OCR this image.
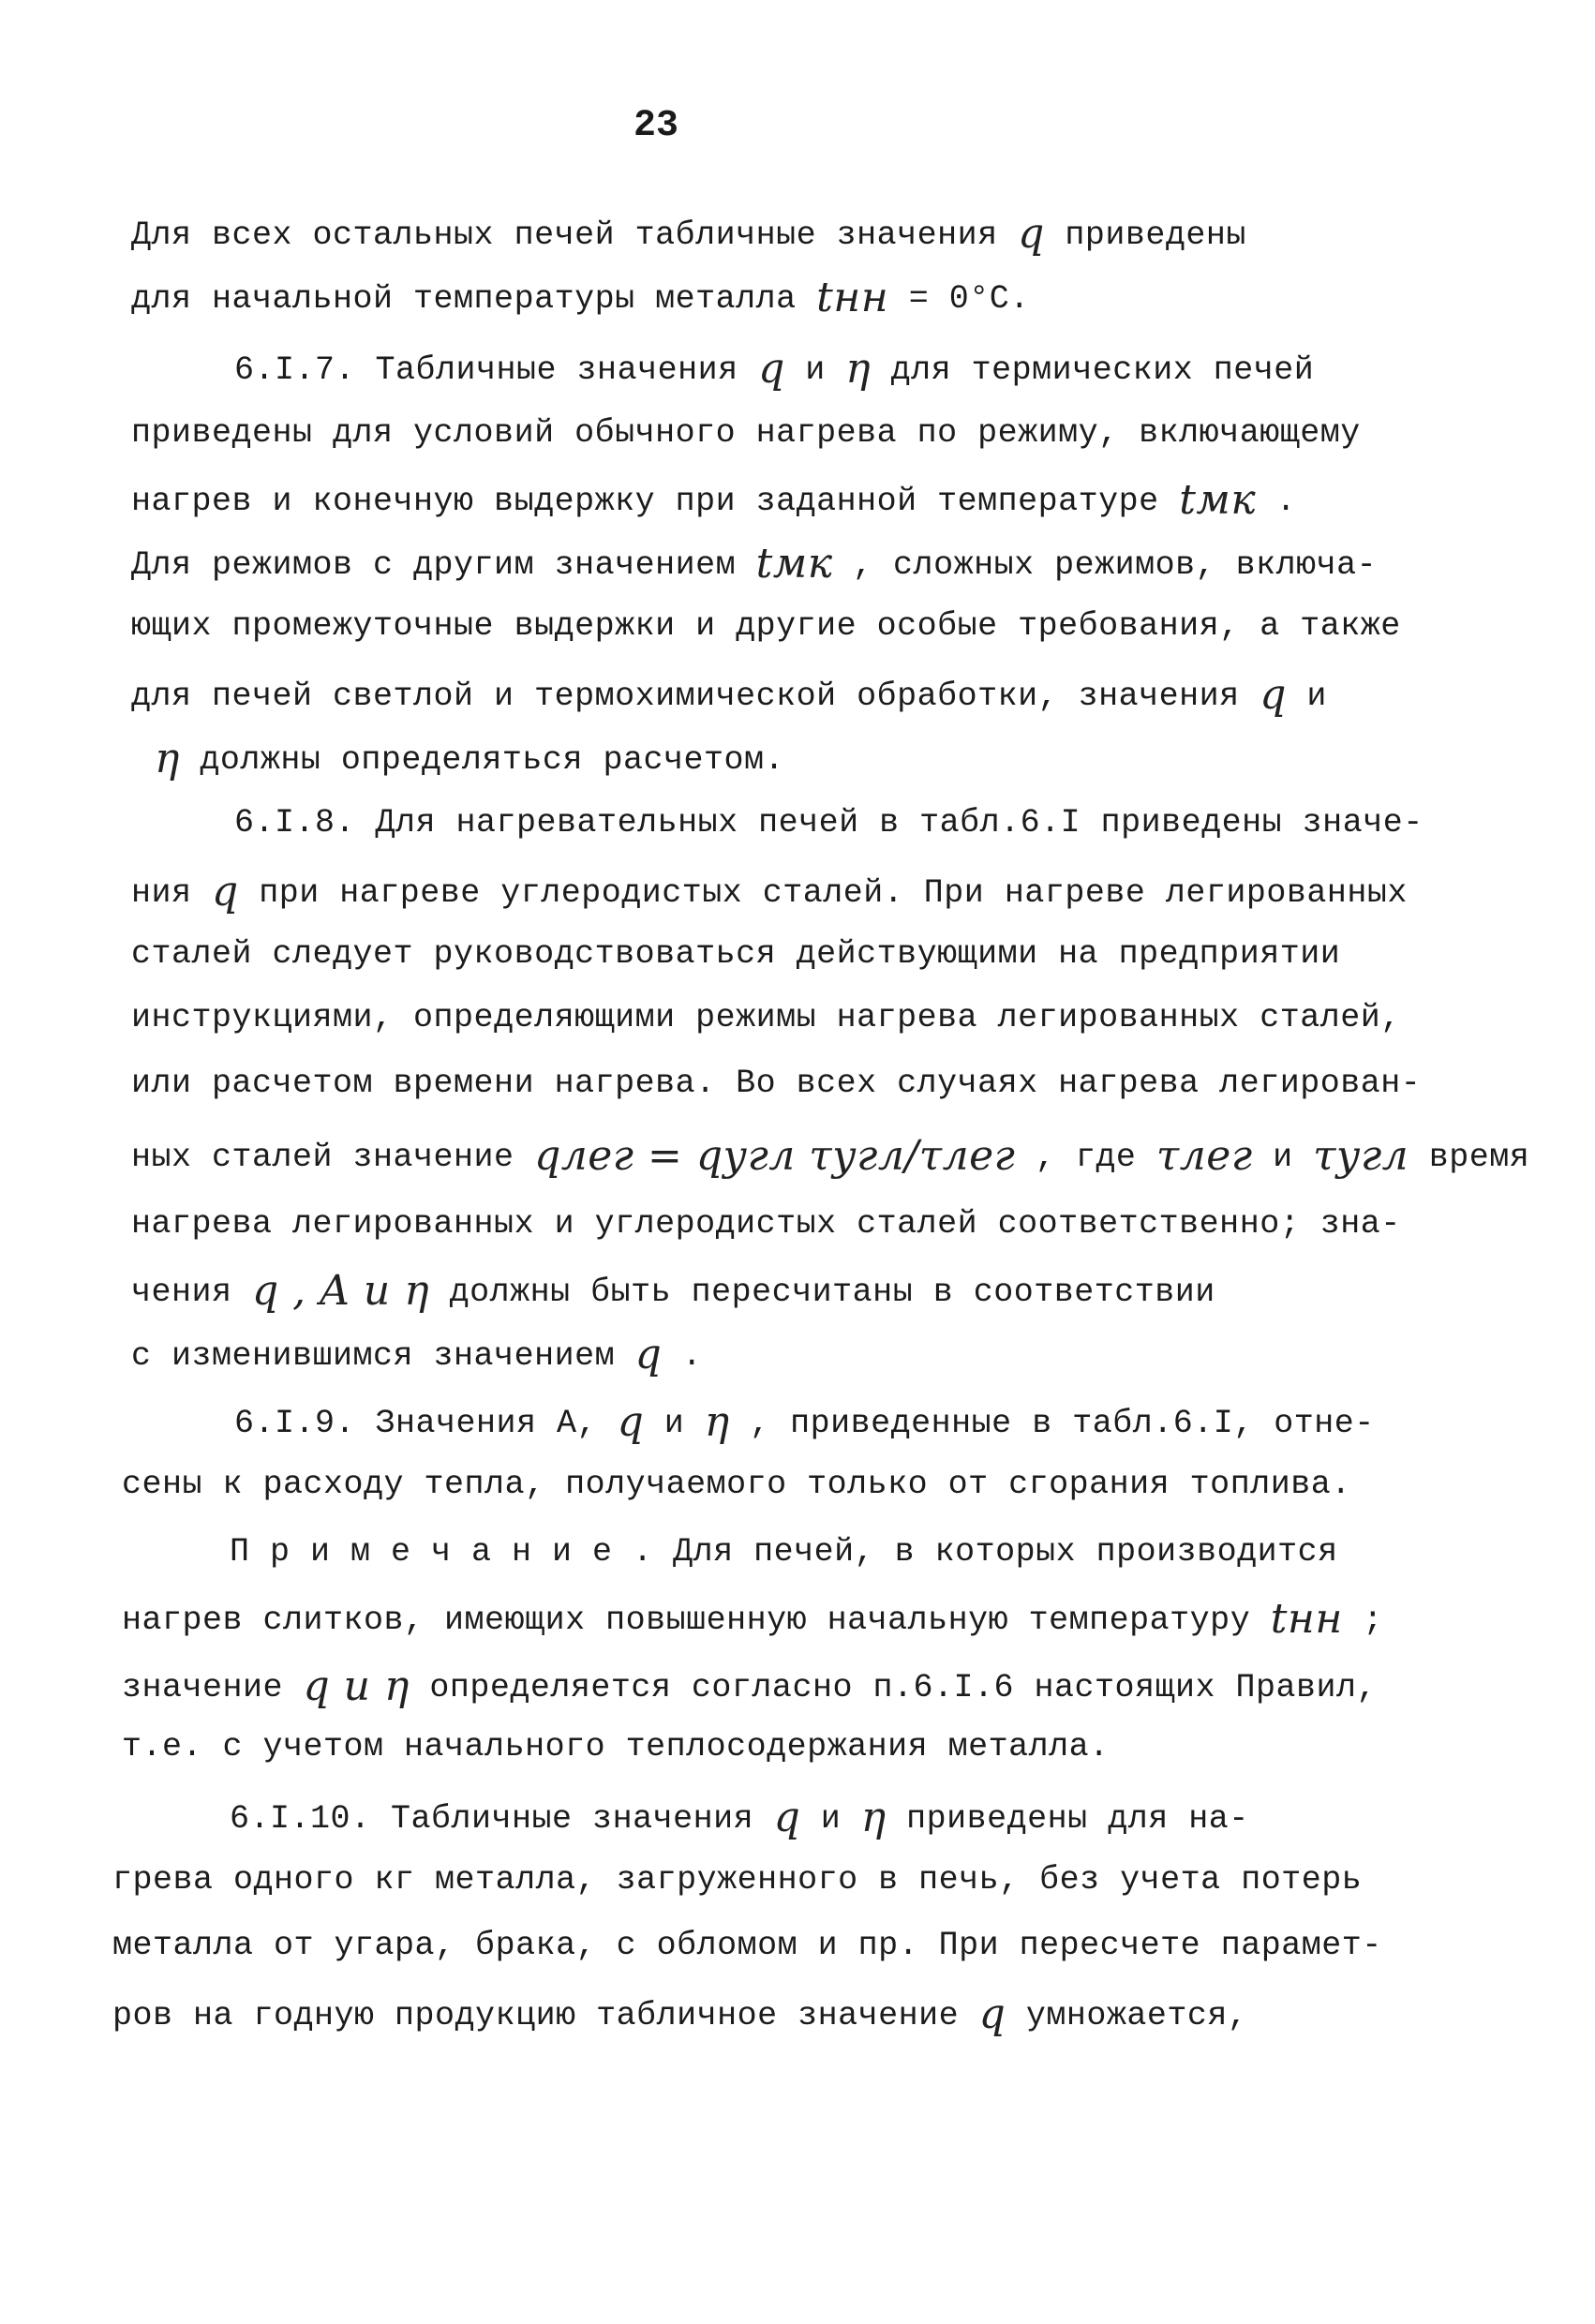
23
Для всех остальных печей табличные значения q приведены
для начальной температуры металла tнн = 0°C.
6.I.7. Табличные значения q и η для термических печей
приведены для условий обычного нагрева по режиму, включающему
нагрев и конечную выдержку при заданной температуре tмк .
Для режимов с другим значением tмк , сложных режимов, включа-
ющих промежуточные выдержки и другие особые требования, а также
для печей светлой и термохимической обработки, значения q и
η должны определяться расчетом.
6.I.8. Для нагревательных печей в табл.6.I приведены значе-
ния q при нагреве углеродистых сталей. При нагреве легированных
сталей следует руководствоваться действующими на предприятии
инструкциями, определяющими режимы нагрева легированных сталей,
или расчетом времени нагрева. Во всех случаях нагрева легирован-
ных сталей значение qлег = qугл τугл/τлег , где τлег и τугл время
нагрева легированных и углеродистых сталей соответственно; зна-
чения q , A и η должны быть пересчитаны в соответствии
с изменившимся значением q .
6.I.9. Значения A, q и η , приведенные в табл.6.I, отне-
сены к расходу тепла, получаемого только от сгорания топлива.
П р и м е ч а н и е . Для печей, в которых производится
нагрев слитков, имеющих повышенную начальную температуру tнн ;
значение q и η определяется согласно п.6.I.6 настоящих Правил,
т.е. с учетом начального теплосодержания металла.
6.I.10. Табличные значения q и η приведены для на-
грева одного кг металла, загруженного в печь, без учета потерь
металла от угара, брака, с обломом и пр. При пересчете парамет-
ров на годную продукцию табличное значение q умножается,
